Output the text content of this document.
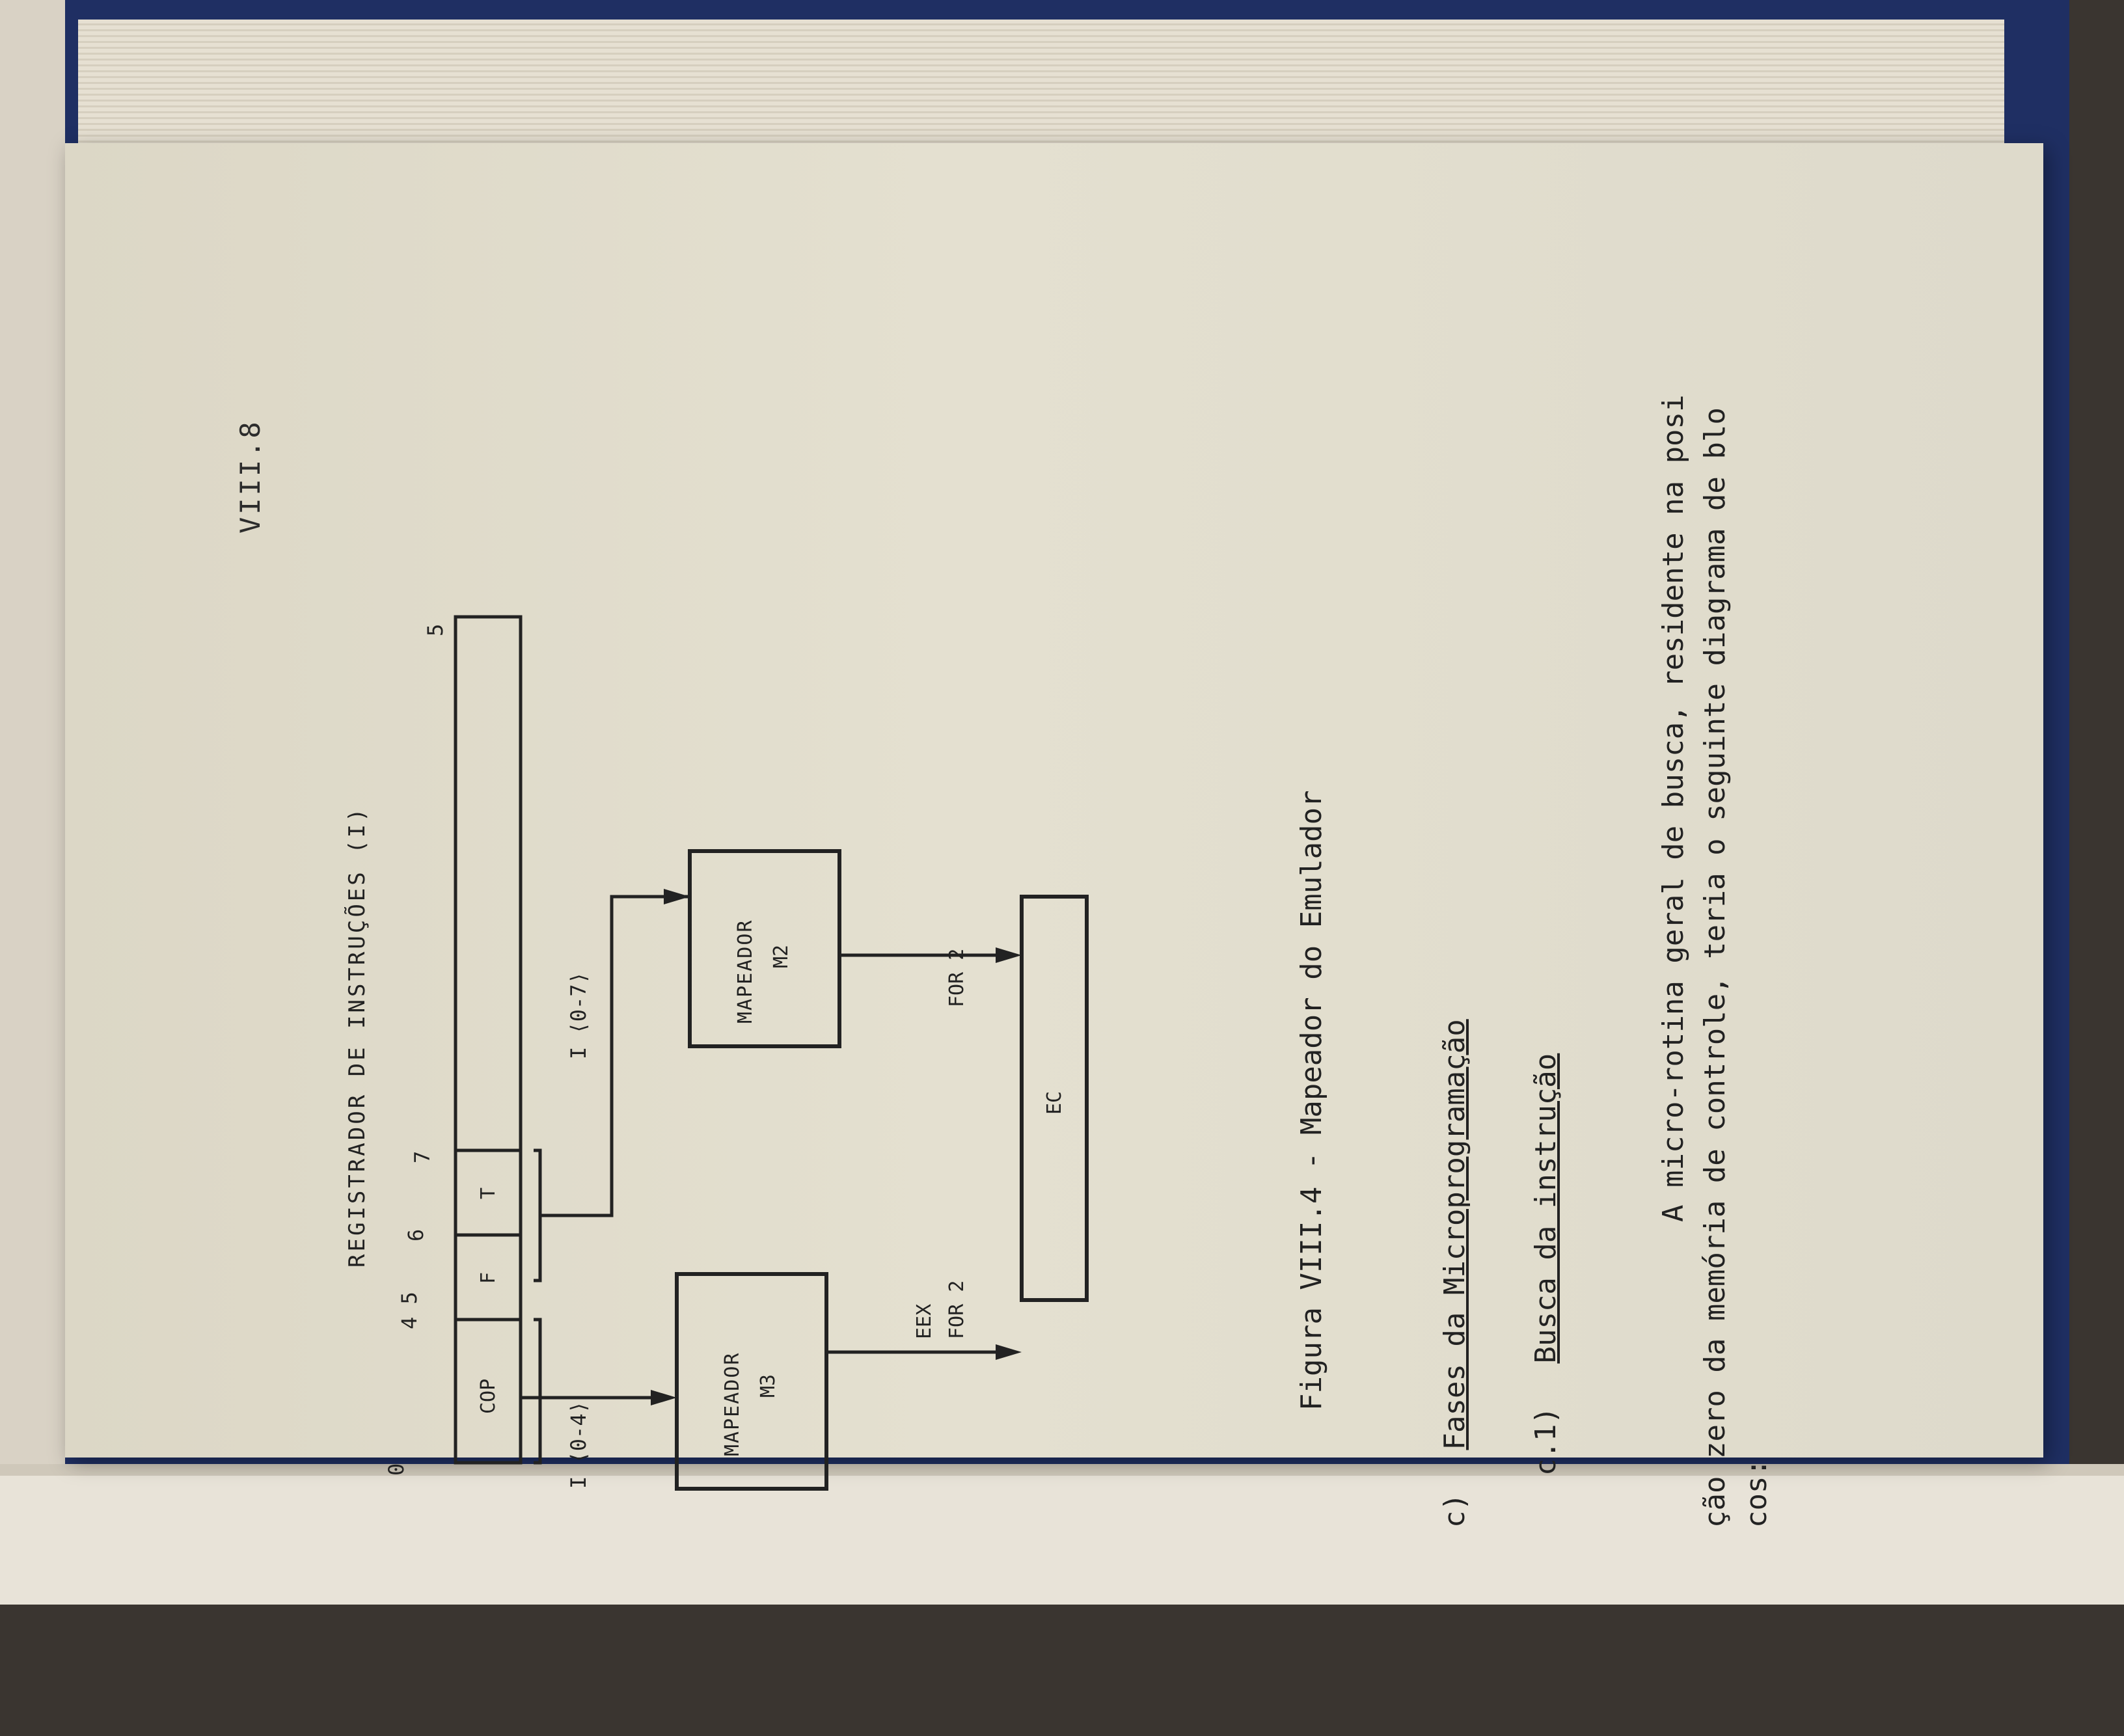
VIII.8
REGISTRADOR DE INSTRUÇÕES (I)
0
4 5
6
7
5
COP
F
T
I ⟨0-4⟩
I ⟨0-7⟩
MAPEADOR M3
MAPEADOR M2
EEX FOR 2
FOR 2
EC	Figura VIII.4 - Mapeador do Emulador
c) Fases da Microprogramação c.1) Busca da instrução	A micro-rotina geral de busca, residente na posi ção zero da memória de controle, teria o seguinte diagrama de blo cos:
